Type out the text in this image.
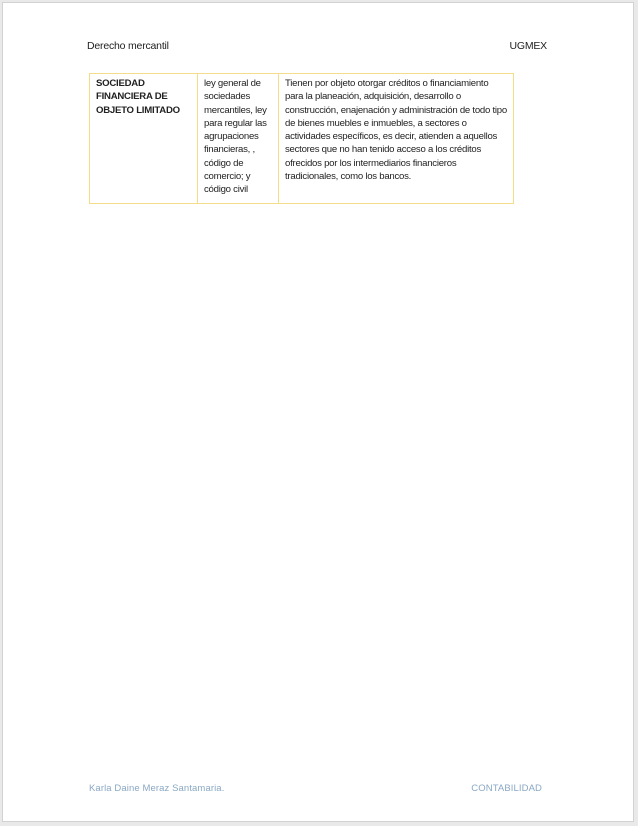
Derecho mercantil	UGMEX
SOCIEDAD FINANCIERA DE OBJETO LIMITADO	ley general de sociedades mercantiles, ley para regular las agrupaciones financieras, , código de comercio; y código civil	Tienen por objeto otorgar créditos o financiamiento para la planeación, adquisición, desarrollo o construcción, enajenación y administración de todo tipo de bienes muebles e inmuebles, a sectores o actividades específicos, es decir, atienden a aquellos sectores que no han tenido acceso a los créditos ofrecidos por los intermediarios financieros tradicionales, como los bancos.
Karla Daine Meraz Santamaria.	CONTABILIDAD
